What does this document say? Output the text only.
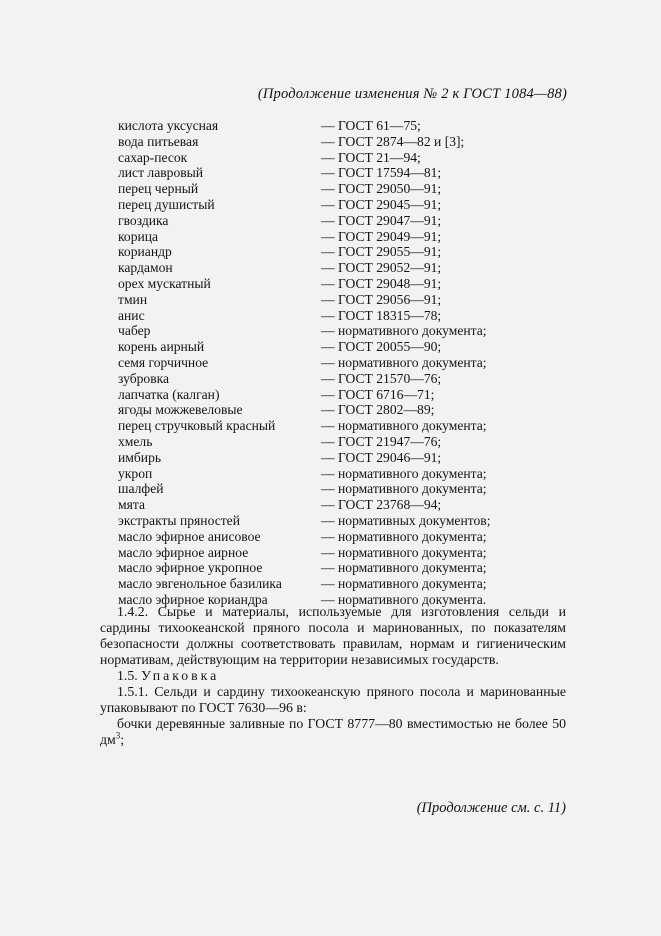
(Продолжение изменения № 2 к ГОСТ 1084—88)
кислота уксусная	— ГОСТ 61—75;
вода питьевая	— ГОСТ 2874—82 и [3];
сахар-песок	— ГОСТ 21—94;
лист лавровый	— ГОСТ 17594—81;
перец черный	— ГОСТ 29050—91;
перец душистый	— ГОСТ 29045—91;
гвоздика	— ГОСТ 29047—91;
корица	— ГОСТ 29049—91;
кориандр	— ГОСТ 29055—91;
кардамон	— ГОСТ 29052—91;
орех мускатный	— ГОСТ 29048—91;
тмин	— ГОСТ 29056—91;
анис	— ГОСТ 18315—78;
чабер	— нормативного документа;
корень аирный	— ГОСТ 20055—90;
семя горчичное	— нормативного документа;
зубровка	— ГОСТ 21570—76;
лапчатка (калган)	— ГОСТ 6716—71;
ягоды можжевеловые	— ГОСТ 2802—89;
перец стручковый красный	— нормативного документа;
хмель	— ГОСТ 21947—76;
имбирь	— ГОСТ 29046—91;
укроп	— нормативного документа;
шалфей	— нормативного документа;
мята	— ГОСТ 23768—94;
экстракты пряностей	— нормативных документов;
масло эфирное анисовое	— нормативного документа;
масло эфирное аирное	— нормативного документа;
масло эфирное укропное	— нормативного документа;
масло эвгенольное базилика	— нормативного документа;
масло эфирное кориандра	— нормативного документа.
1.4.2. Сырье и материалы, используемые для изготовления сельди и сардины тихоокеанской пряного посола и маринованных, по показателям безопасности должны соответствовать правилам, нормам и гигиеническим нормативам, действующим на территории независимых государств.
1.5. Упаковка
1.5.1. Сельди и сардину тихоокеанскую пряного посола и маринованные упаковывают по ГОСТ 7630—96 в:
бочки деревянные заливные по ГОСТ 8777—80 вместимостью не более 50 $дм^3$;
(Продолжение см. с. 11)
